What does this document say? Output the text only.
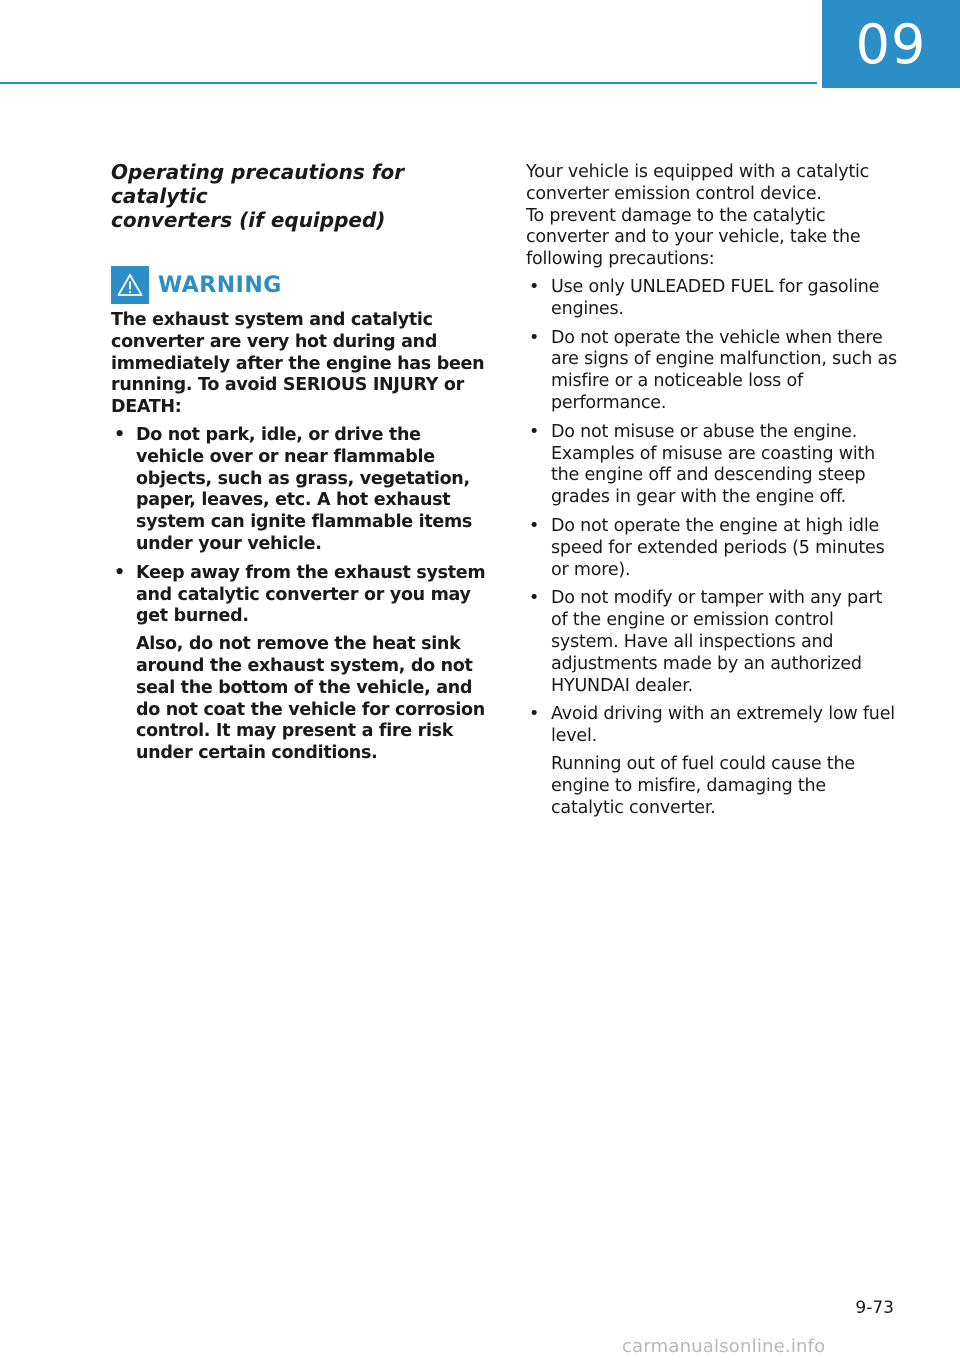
09
Operating precautions for catalytic
converters (if equipped)
WARNING

The exhaust system and catalytic converter are very hot during and immediately after the engine has been running. To avoid SERIOUS INJURY or DEATH:

• Do not park, idle, or drive the vehicle over or near flammable objects, such as grass, vegetation, paper, leaves, etc. A hot exhaust system can ignite flammable items under your vehicle.
• Keep away from the exhaust system and catalytic converter or you may get burned.

Also, do not remove the heat sink around the exhaust system, do not seal the bottom of the vehicle, and do not coat the vehicle for corrosion control. It may present a fire risk under certain conditions.

Your vehicle is equipped with a catalytic converter emission control device.

To prevent damage to the catalytic converter and to your vehicle, take the following precautions:

• Use only UNLEADED FUEL for gasoline engines.
• Do not operate the vehicle when there are signs of engine malfunction, such as misfire or a noticeable loss of performance.
• Do not misuse or abuse the engine. Examples of misuse are coasting with the engine off and descending steep grades in gear with the engine off.
• Do not operate the engine at high idle speed for extended periods (5 minutes or more).
• Do not modify or tamper with any part of the engine or emission control system. Have all inspections and adjustments made by an authorized HYUNDAI dealer.
• Avoid driving with an extremely low fuel level.

Running out of fuel could cause the engine to misfire, damaging the catalytic converter.

9-73
carmanualsonline.info
